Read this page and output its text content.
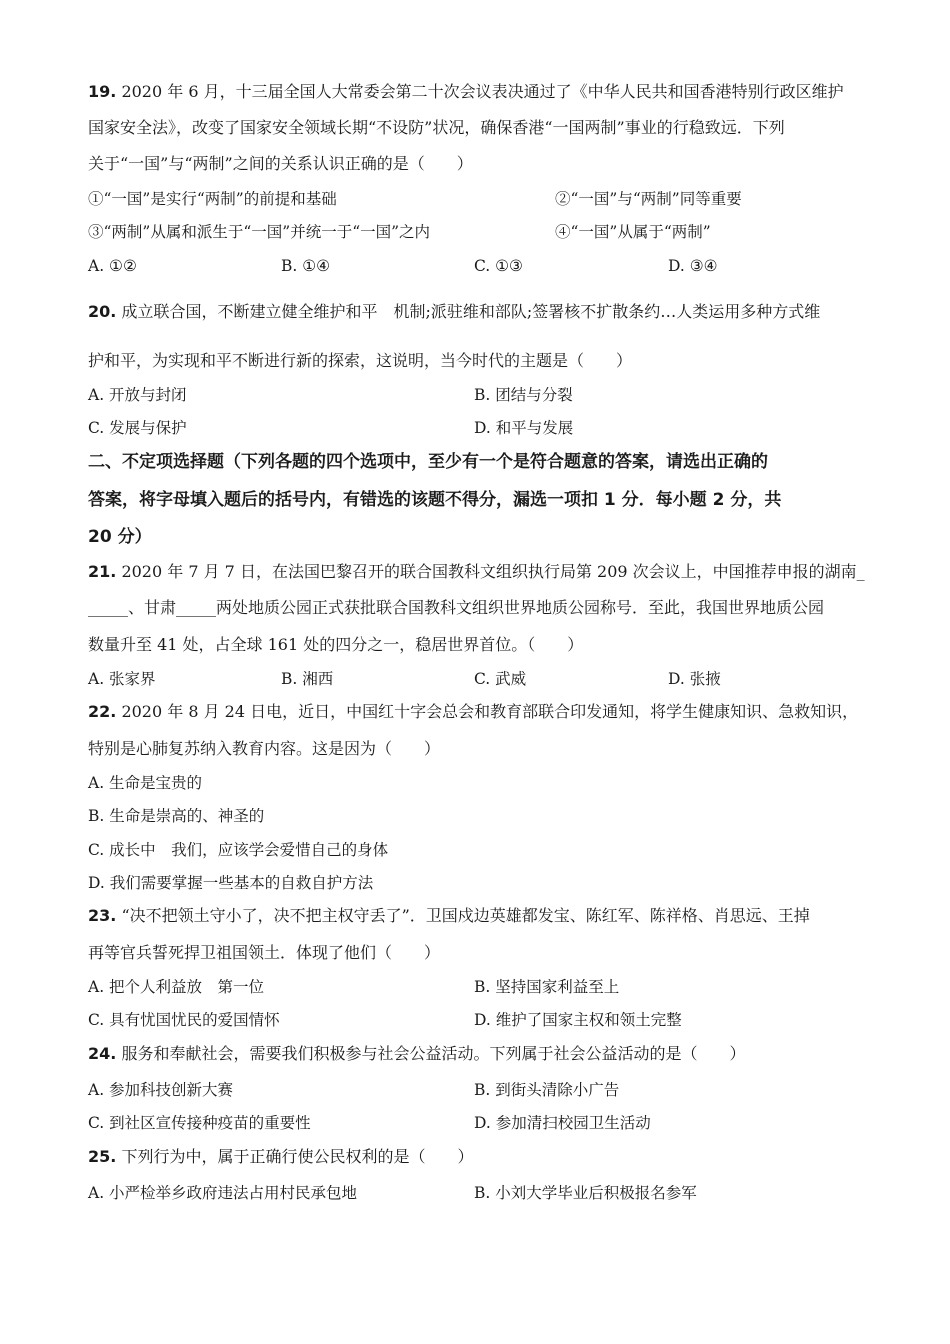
19. 2020 年 6 月，十三届全国人大常委会第二十次会议表决通过了《中华人民共和国香港特别行政区维护
国家安全法》，改变了国家安全领域长期“不设防”状况，确保香港“一国两制”事业的行稳致远．下列
关于“一国”与“两制”之间的关系认识正确的是（　　）
①“一国”是实行“两制”的前提和基础	②“一国”与“两制”同等重要
③“两制”从属和派生于“一国”并统一于“一国”之内	④“一国”从属于“两制”
A. ①②	B. ①④	C. ①③	D. ③④
20. 成立联合国，不断建立健全维护和平　机制;派驻维和部队;签署核不扩散条约…人类运用多种方式维
护和平，为实现和平不断进行新的探索，这说明，当今时代的主题是（　　）
A. 开放与封闭	B. 团结与分裂
C. 发展与保护	D. 和平与发展
二、不定项选择题（下列各题的四个选项中，至少有一个是符合题意的答案，请选出正确的
答案，将字母填入题后的括号内，有错选的该题不得分，漏选一项扣 1 分．每小题 2 分，共
20 分）
21. 2020 年 7 月 7 日，在法国巴黎召开的联合国教科文组织执行局第 209 次会议上，中国推荐申报的湖南_
_____、甘肃_____两处地质公园正式获批联合国教科文组织世界地质公园称号．至此，我国世界地质公园
数量升至 41 处，占全球 161 处的四分之一，稳居世界首位。（　　）
A. 张家界	B. 湘西	C. 武威	D. 张掖
22. 2020 年 8 月 24 日电，近日，中国红十字会总会和教育部联合印发通知，将学生健康知识、急救知识，
特别是心肺复苏纳入教育内容。这是因为（　　）
A. 生命是宝贵的
B. 生命是崇高的、神圣的
C. 成长中　我们，应该学会爱惜自己的身体
D. 我们需要掌握一些基本的自救自护方法
23. “决不把领土守小了，决不把主权守丢了”．卫国戍边英雄都发宝、陈红军、陈祥格、肖思远、王掉
再等官兵誓死捍卫祖国领土．体现了他们（　　）
A. 把个人利益放　第一位	B. 坚持国家利益至上
C. 具有忧国忧民的爱国情怀	D. 维护了国家主权和领土完整
24. 服务和奉献社会，需要我们积极参与社会公益活动。下列属于社会公益活动的是（　　）
A. 参加科技创新大赛	B. 到街头清除小广告
C. 到社区宣传接种疫苗的重要性	D. 参加清扫校园卫生活动
25. 下列行为中，属于正确行使公民权利的是（　　）
A. 小严检举乡政府违法占用村民承包地	B. 小刘大学毕业后积极报名参军
